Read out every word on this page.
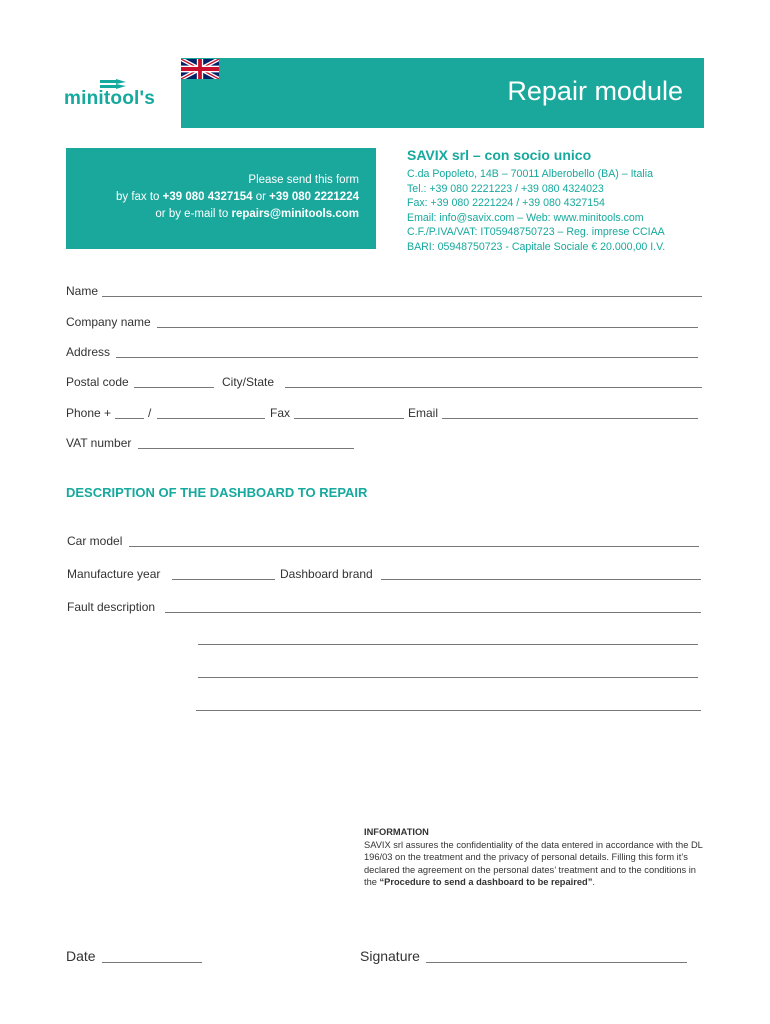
minitool's	Repair module
Please send this form
by fax to +39 080 4327154 or +39 080 2221224
or by e-mail to repairs@minitools.com
SAVIX srl – con socio unico
C.da Popoleto, 14B – 70011 Alberobello (BA) – Italia
Tel.: +39 080 2221223 / +39 080 4324023
Fax: +39 080 2221224 / +39 080 4327154
Email: info@savix.com – Web: www.minitools.com
C.F./P.IVA/VAT: IT05948750723 – Reg. imprese CCIAA
BARI: 05948750723 - Capitale Sociale € 20.000,00 I.V.
Name
Company name
Address
Postal code	City/State
Phone +	/	Fax	Email
VAT number
DESCRIPTION OF THE DASHBOARD TO REPAIR
Car model
Manufacture year	Dashboard brand
Fault description
INFORMATION
SAVIX srl assures the confidentiality of the data entered in accordance with the DL 196/03 on the treatment and the privacy of personal details. Filling this form it’s declared the agreement on the personal dates’ treatment and to the conditions in the “Procedure to send a dashboard to be repaired”.
Date	Signature
